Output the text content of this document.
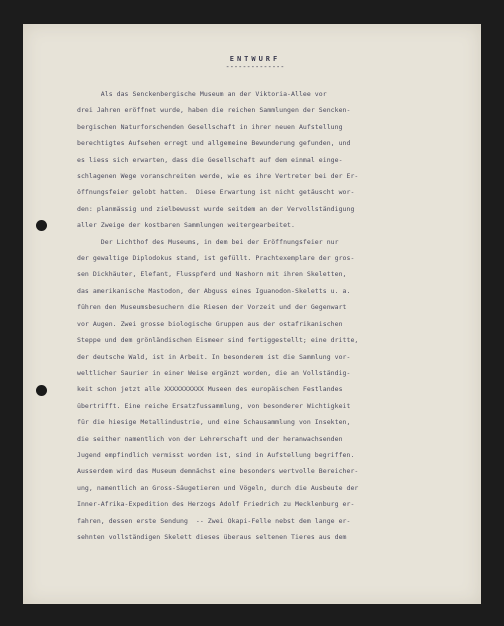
ENTWURF
--------------
Als das Senckenbergische Museum an der Viktoria-Allee vor
drei Jahren eröffnet wurde, haben die reichen Sammlungen der Sencken-
bergischen Naturforschenden Gesellschaft in ihrer neuen Aufstellung
berechtigtes Aufsehen erregt und allgemeine Bewunderung gefunden, und
es liess sich erwarten, dass die Gesellschaft auf dem einmal einge-
schlagenen Wege voranschreiten werde, wie es ihre Vertreter bei der Er-
öffnungsfeier gelobt hatten.  Diese Erwartung ist nicht getäuscht wor-
den: planmässig und zielbewusst wurde seitdem an der Vervollständigung
aller Zweige der kostbaren Sammlungen weitergearbeitet.
Der Lichthof des Museums, in dem bei der Eröffnungsfeier nur
der gewaltige Diplodokus stand, ist gefüllt. Prachtexemplare der gros-
sen Dickhäuter, Elefant, Flusspferd und Nashorn mit ihren Skeletten,
das amerikanische Mastodon, der Abguss eines Iguanodon-Skeletts u. a.
führen den Museumsbesuchern die Riesen der Vorzeit und der Gegenwart
vor Augen. Zwei grosse biologische Gruppen aus der ostafrikanischen
Steppe und dem grönländischen Eismeer sind fertiggestellt; eine dritte,
der deutsche Wald, ist in Arbeit. In besonderem ist die Sammlung vor-
weltlicher Saurier in einer Weise ergänzt worden, die an Vollständig-
keit schon jetzt alle XXXXXXXXXX Museen des europäischen Festlandes
übertrifft. Eine reiche Ersatzfussammlung, von besonderer Wichtigkeit
für die hiesige Metallindustrie, und eine Schausammlung von Insekten,
die seither namentlich von der Lehrerschaft und der heranwachsenden
Jugend empfindlich vermisst worden ist, sind in Aufstellung begriffen.
Ausserdem wird das Museum demnächst eine besonders wertvolle Bereicher-
ung, namentlich an Gross-Säugetieren und Vögeln, durch die Ausbeute der
Inner-Afrika-Expedition des Herzogs Adolf Friedrich zu Mecklenburg er-
fahren, dessen erste Sendung  -- Zwei Okapi-Felle nebst dem lange er-
sehnten vollständigen Skelett dieses überaus seltenen Tieres aus dem
